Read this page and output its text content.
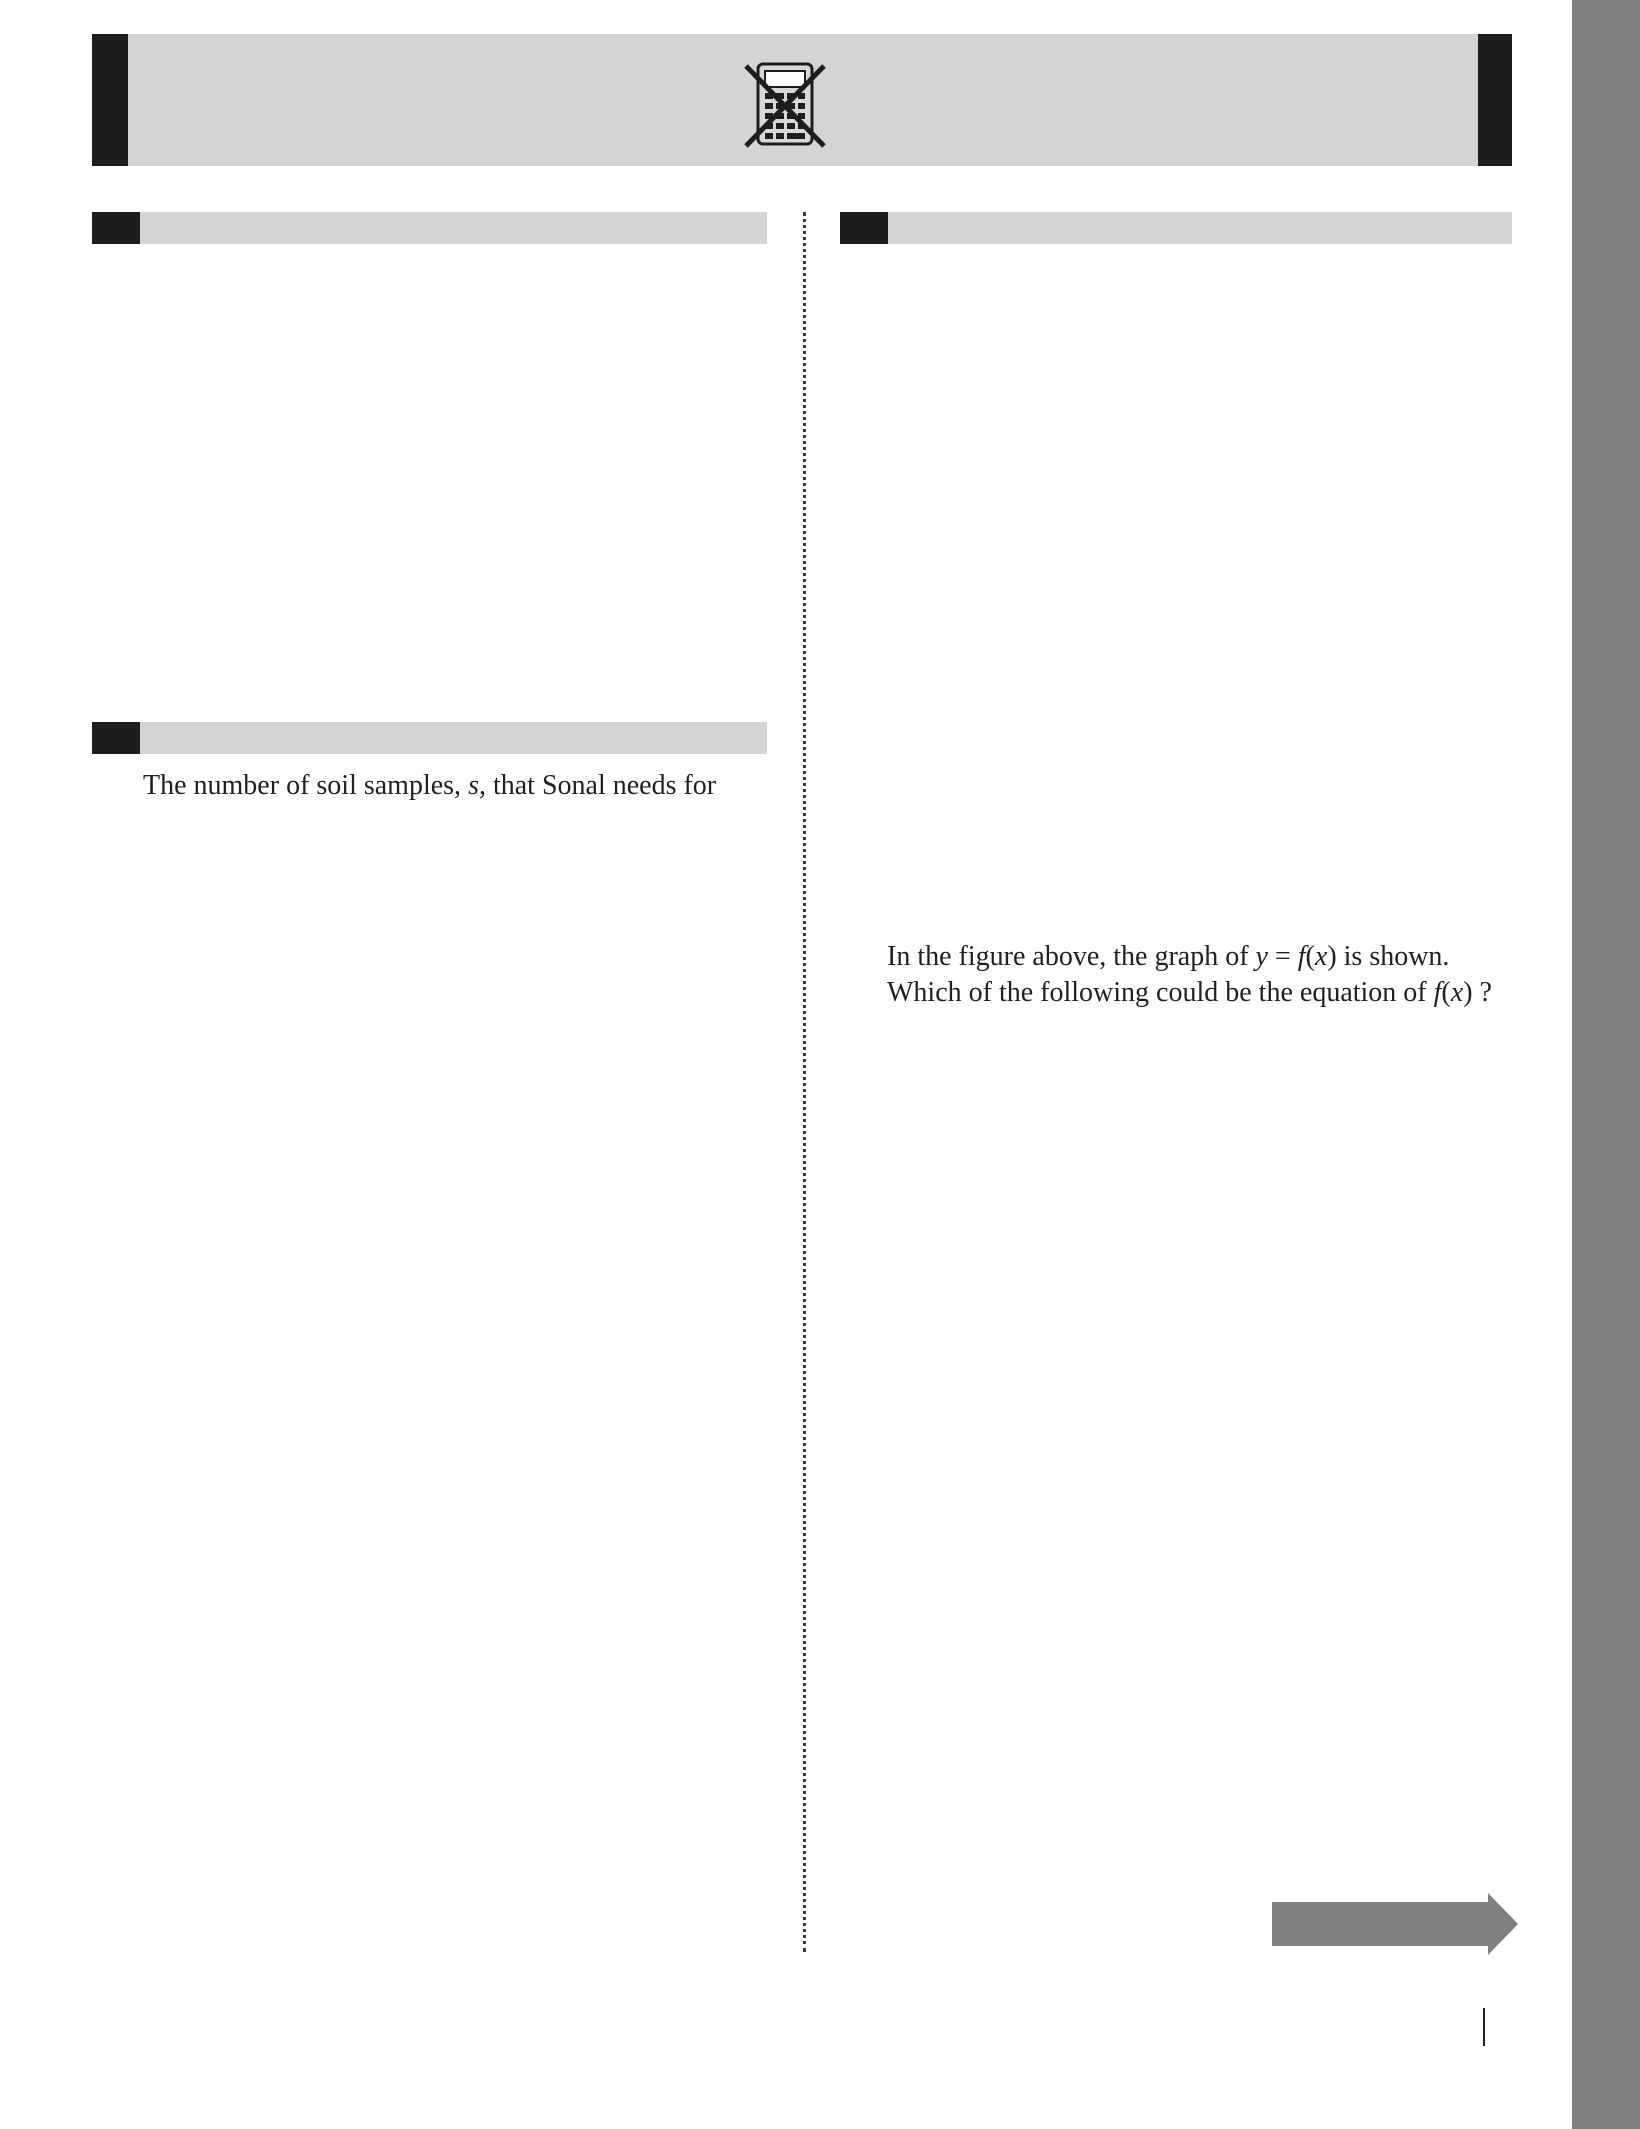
The number of soil samples, s, that Sonal needs for
In the figure above, the graph of y = f(x) is shown.
Which of the following could be the equation of f(x) ?
